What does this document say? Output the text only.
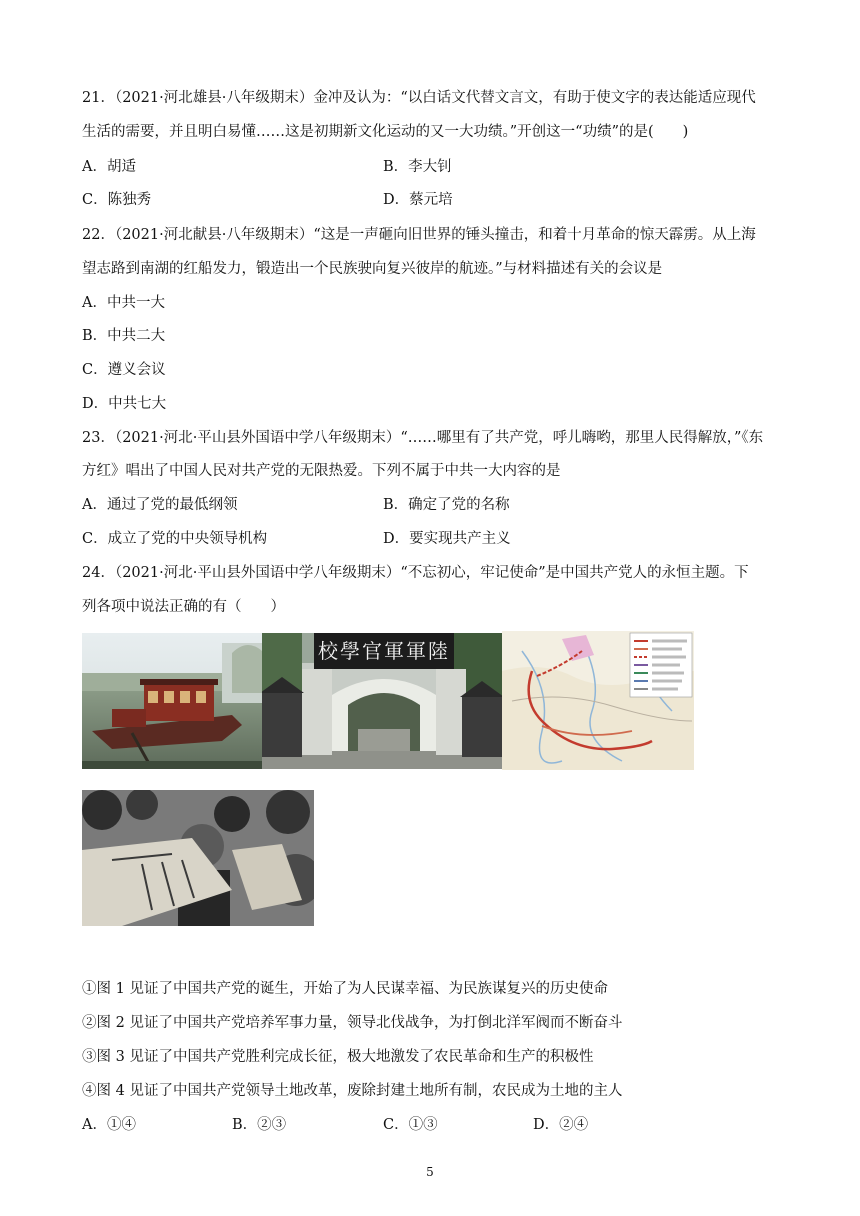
21．（2021·河北雄县·八年级期末）金冲及认为：“以白话文代替文言文，有助于使文字的表达能适应现代
生活的需要，并且明白易懂……这是初期新文化运动的又一大功绩。”开创这一“功绩”的是(　　)
A．胡适	B．李大钊
C．陈独秀	D．蔡元培
22．（2021·河北献县·八年级期末）“这是一声砸向旧世界的锤头撞击，和着十月革命的惊天霹雳。从上海
望志路到南湖的红船发力，锻造出一个民族驶向复兴彼岸的航迹。”与材料描述有关的会议是
A．中共一大
B．中共二大
C．遵义会议
D．中共七大
23．（2021·河北·平山县外国语中学八年级期末）“……哪里有了共产党，呼儿嗨哟，那里人民得解放，”《东
方红》唱出了中国人民对共产党的无限热爱。下列不属于中共一大内容的是
A．通过了党的最低纲领	B．确定了党的名称
C．成立了党的中央领导机构	D．要实现共产主义
24．（2021·河北·平山县外国语中学八年级期末）“不忘初心，牢记使命”是中国共产党人的永恒主题。下
列各项中说法正确的有（　　）
陸軍軍官學校
①图 1 见证了中国共产党的诞生，开始了为人民谋幸福、为民族谋复兴的历史使命
②图 2 见证了中国共产党培养军事力量，领导北伐战争，为打倒北洋军阀而不断奋斗
③图 3 见证了中国共产党胜利完成长征，极大地激发了农民革命和生产的积极性
④图 4 见证了中国共产党领导土地改革，废除封建土地所有制，农民成为土地的主人
A．①④	B．②③	C．①③	D．②④
5
